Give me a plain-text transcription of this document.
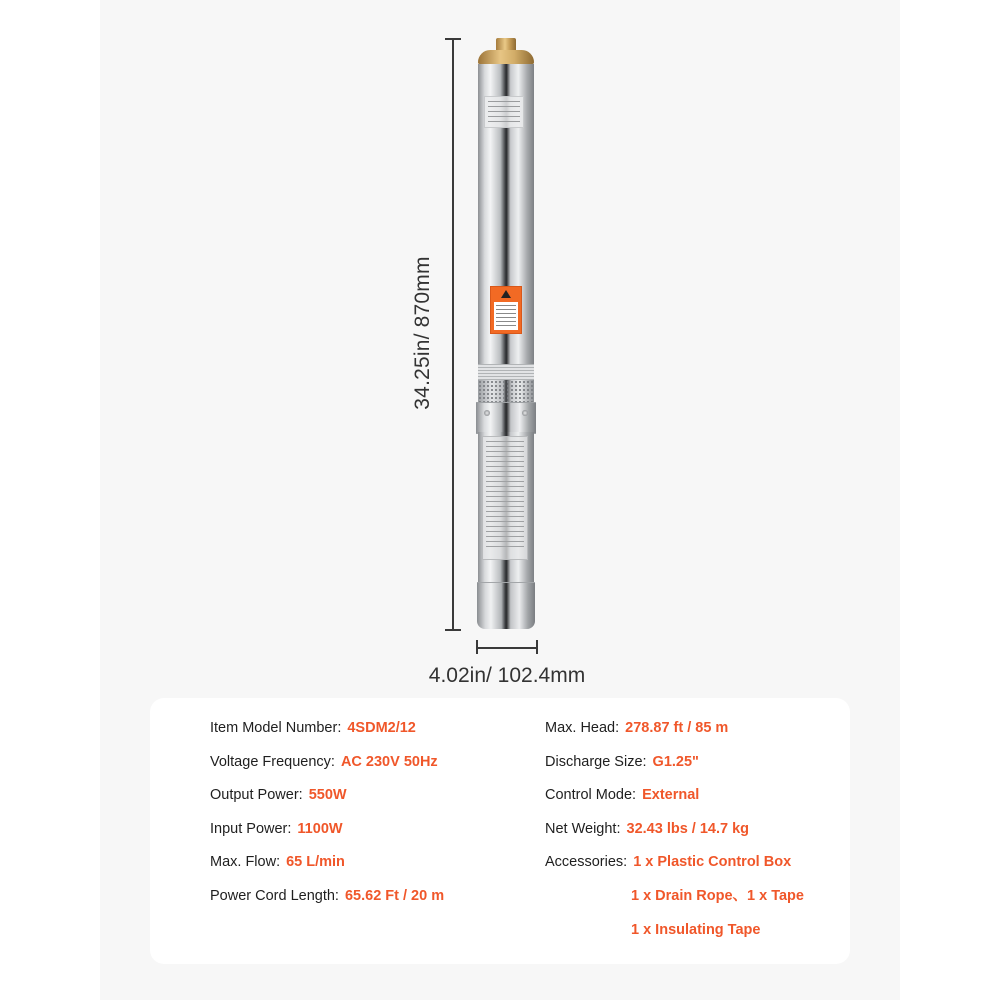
34.25in/ 870mm
4.02in/ 102.4mm
Item Model Number: 4SDM2/12
Voltage Frequency: AC 230V 50Hz
Output Power: 550W
Input Power: 1100W
Max. Flow: 65 L/min
Power Cord Length: 65.62 Ft / 20 m
Max. Head: 278.87 ft / 85 m
Discharge Size: G1.25"
Control Mode: External
Net Weight: 32.43 lbs / 14.7 kg
Accessories: 1 x Plastic Control Box
1 x Drain Rope、1 x Tape
1 x Insulating Tape
